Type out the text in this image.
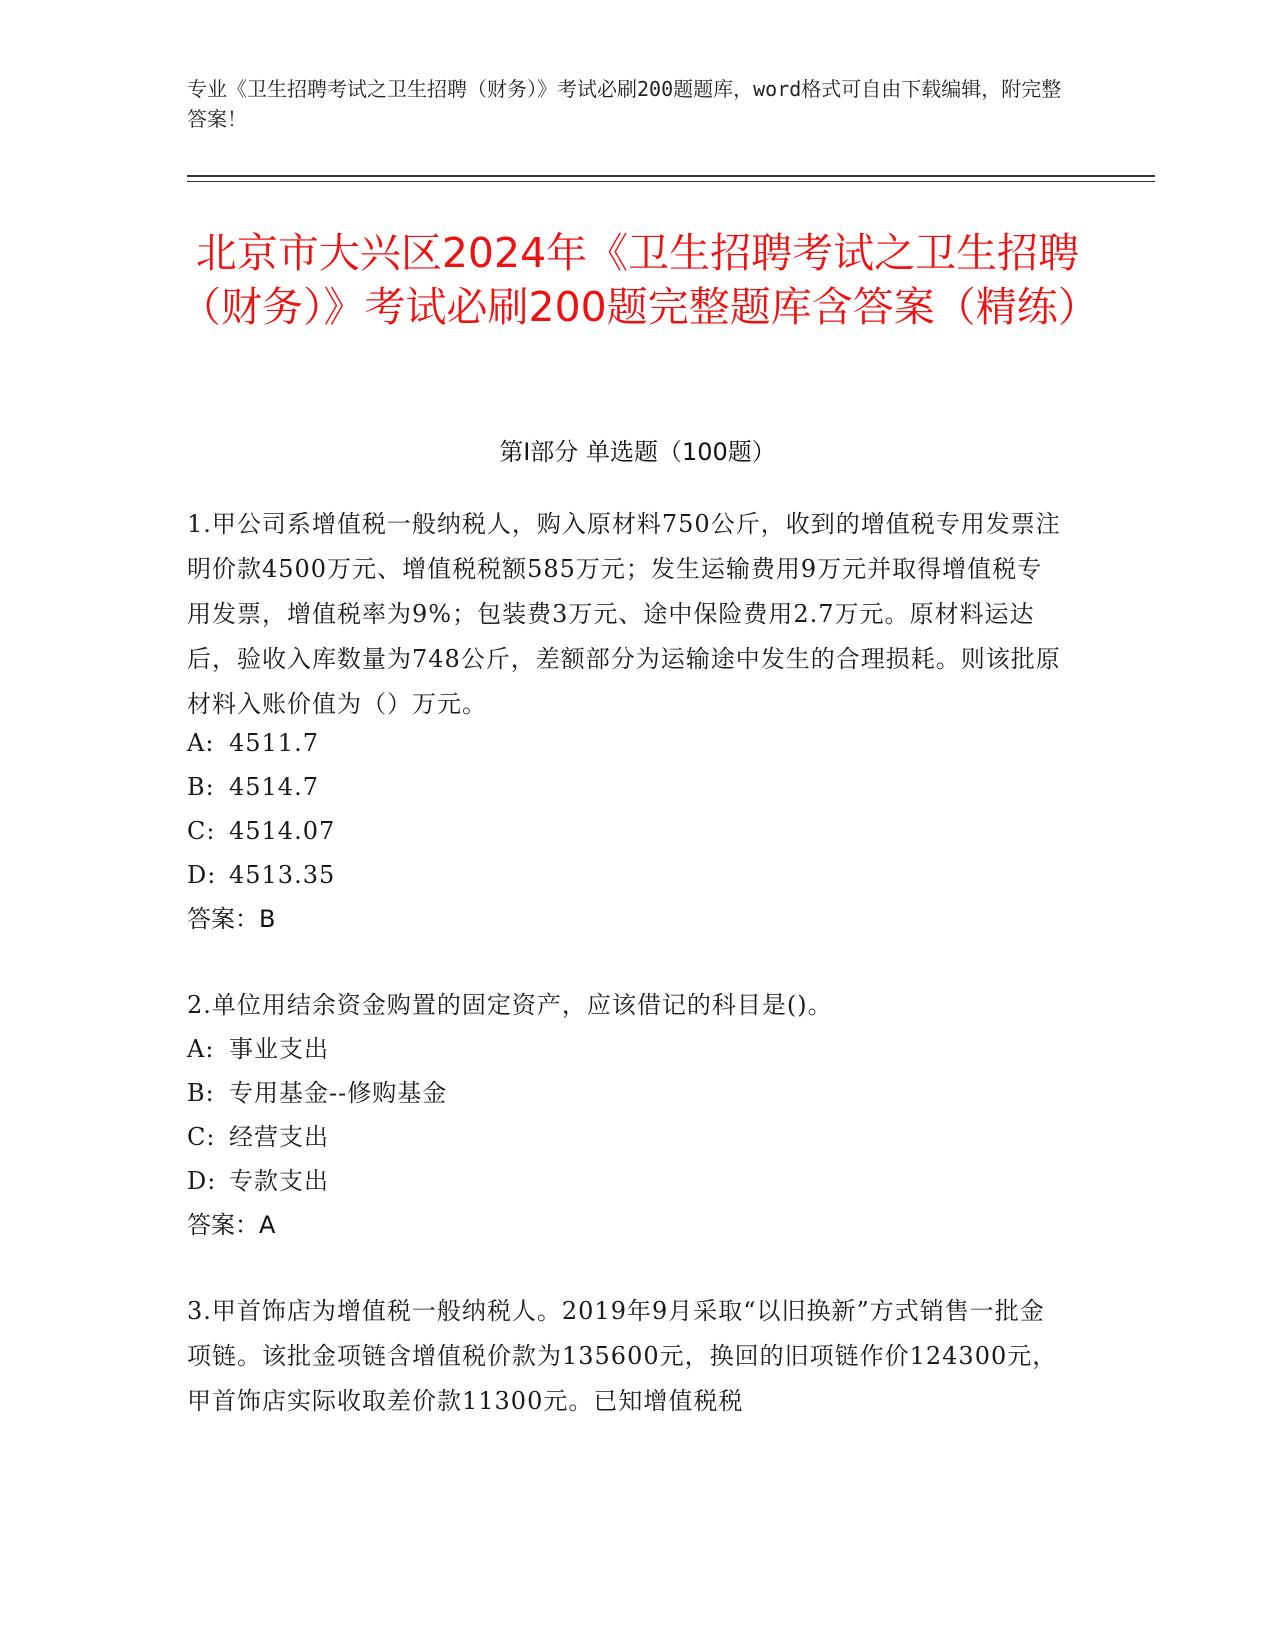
专业《卫生招聘考试之卫生招聘（财务）》考试必刷200题题库，word格式可自由下载编辑，附完整答案！
北京市大兴区2024年《卫生招聘考试之卫生招聘（财务）》考试必刷200题完整题库含答案（精练）
第Ⅰ部分 单选题（100题）

1.甲公司系增值税一般纳税人，购入原材料750公斤，收到的增值税专用发票注明价款4500万元、增值税税额585万元；发生运输费用9万元并取得增值税专用发票，增值税率为9%；包装费3万元、途中保险费用2.7万元。原材料运达后，验收入库数量为748公斤，差额部分为运输途中发生的合理损耗。则该批原材料入账价值为（）万元。

A: 4511.7
B: 4514.7
C: 4514.07
D: 4513.35
答案：B

2.单位用结余资金购置的固定资产，应该借记的科目是()。

A: 事业支出
B: 专用基金--修购基金
C: 经营支出
D: 专款支出
答案：A

3.甲首饰店为增值税一般纳税人。2019年9月采取“以旧换新”方式销售一批金项链。该批金项链含增值税价款为135600元，换回的旧项链作价124300元，甲首饰店实际收取差价款11300元。已知增值税税
